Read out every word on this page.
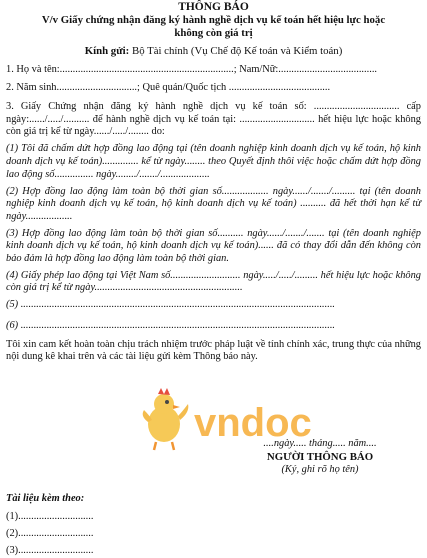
THÔNG BÁO
V/v Giấy chứng nhận đăng ký hành nghề dịch vụ kế toán hết hiệu lực hoặc
không còn giá trị
Kính gửi: Bộ Tài chính (Vụ Chế độ Kế toán và Kiểm toán)

1. Họ và tên:...................................................................; Nam/Nữ:......................................

2. Năm sinh...............................; Quê quán/Quốc tịch .......................................

3. Giấy Chứng nhận đăng ký hành nghề dịch vụ kế toán số: ................................. cấp ngày:....../...../.......... để hành nghề dịch vụ kế toán tại: ............................. hết hiệu lực hoặc không còn giá trị kể từ ngày....../...../........ do:

(1) Tôi đã chấm dứt hợp đồng lao động tại (tên doanh nghiệp kinh doanh dịch vụ kế toán, hộ kinh doanh dịch vụ kế toán).............. kể từ ngày........ theo Quyết định thôi việc hoặc chấm dứt hợp đồng lao động số............... ngày......../......./...................

(2) Hợp đồng lao động làm toàn bộ thời gian số.................. ngày....../......./......... tại (tên doanh nghiệp kinh doanh dịch vụ kế toán, hộ kinh doanh dịch vụ kế toán) .......... đã hết thời hạn kể từ ngày..................

(3) Hợp đồng lao động làm toàn bộ thời gian số.......... ngày....../......./....... tại (tên doanh nghiệp kinh doanh dịch vụ kế toán, hộ kinh doanh dịch vụ kế toán)...... đã có thay đổi dẫn đến không còn bảo đảm là hợp đồng lao động làm toàn bộ thời gian.

(4) Giấy phép lao động tại Việt Nam số........................... ngày...../...../......... hết hiệu lực hoặc không còn giá trị kể từ ngày.........................................................

(5) .........................................................................................................................

(6) .........................................................................................................................

Tôi xin cam kết hoàn toàn chịu trách nhiệm trước pháp luật về tính chính xác, trung thực của những nội dung kê khai trên và các tài liệu gửi kèm Thông báo này.

vndoc
....ngày..... tháng..... năm....
NGƯỜI THÔNG BÁO
(Ký, ghi rõ họ tên)
Tài liệu kèm theo:
(1).............................
(2).............................
(3).............................
